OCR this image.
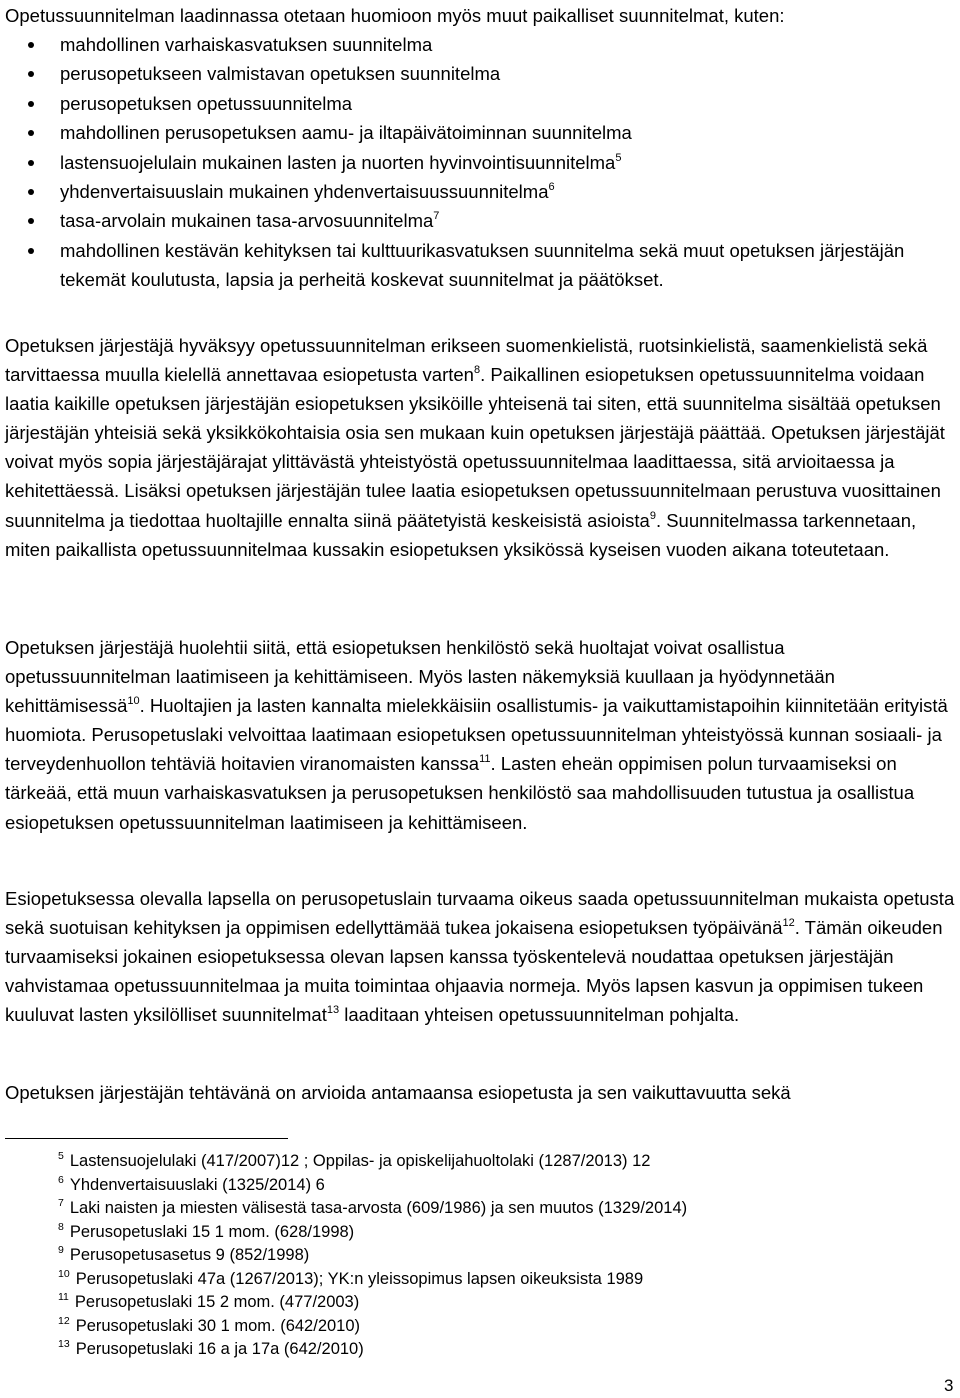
Opetussuunnitelman laadinnassa otetaan huomioon myös muut paikalliset suunnitelmat, kuten:

mahdollinen varhaiskasvatuksen suunnitelma
perusopetukseen valmistavan opetuksen suunnitelma
perusopetuksen opetussuunnitelma
mahdollinen perusopetuksen aamu- ja iltapäivätoiminnan suunnitelma
lastensuojelulain mukainen lasten ja nuorten hyvinvointisuunnitelma$^5$
yhdenvertaisuuslain mukainen yhdenvertaisuussuunnitelma$^6$
tasa-arvolain mukainen tasa-arvosuunnitelma$^7$
mahdollinen kestävän kehityksen tai kulttuurikasvatuksen suunnitelma sekä muut opetuksen järjestäjän tekemät koulutusta, lapsia ja perheitä koskevat suunnitelmat ja päätökset.

Opetuksen järjestäjä hyväksyy opetussuunnitelman erikseen suomenkielistä, ruotsinkielistä, saamenkielistä sekä tarvittaessa muulla kielellä annettavaa esiopetusta varten$^8$. Paikallinen esiopetuksen opetussuunnitelma voidaan laatia kaikille opetuksen järjestäjän esiopetuksen yksiköille yhteisenä tai siten, että suunnitelma sisältää opetuksen järjestäjän yhteisiä sekä yksikkökohtaisia osia sen mukaan kuin opetuksen järjestäjä päättää. Opetuksen järjestäjät voivat myös sopia järjestäjärajat ylittävästä yhteistyöstä opetussuunnitelmaa laadittaessa, sitä arvioitaessa ja kehitettäessä. Lisäksi opetuksen järjestäjän tulee laatia esiopetuksen opetussuunnitelmaan perustuva vuosittainen suunnitelma ja tiedottaa huoltajille ennalta siinä päätetyistä keskeisistä asioista$^9$. Suunnitelmassa tarkennetaan, miten paikallista opetussuunnitelmaa kussakin esiopetuksen yksikössä kyseisen vuoden aikana toteutetaan.

Opetuksen järjestäjä huolehtii siitä, että esiopetuksen henkilöstö sekä huoltajat voivat osallistua opetussuunnitelman laatimiseen ja kehittämiseen. Myös lasten näkemyksiä kuullaan ja hyödynnetään kehittämisessä$^{10}$. Huoltajien ja lasten kannalta mielekkäisiin osallistumis- ja vaikuttamistapoihin kiinnitetään erityistä huomiota. Perusopetuslaki velvoittaa laatimaan esiopetuksen opetussuunnitelman yhteistyössä kunnan sosiaali- ja terveydenhuollon tehtäviä hoitavien viranomaisten kanssa$^{11}$. Lasten eheän oppimisen polun turvaamiseksi on tärkeää, että muun varhaiskasvatuksen ja perusopetuksen henkilöstö saa mahdollisuuden tutustua ja osallistua esiopetuksen opetussuunnitelman laatimiseen ja kehittämiseen.

Esiopetuksessa olevalla lapsella on perusopetuslain turvaama oikeus saada opetussuunnitelman mukaista opetusta sekä suotuisan kehityksen ja oppimisen edellyttämää tukea jokaisena esiopetuksen työpäivänä$^{12}$. Tämän oikeuden turvaamiseksi jokainen esiopetuksessa olevan lapsen kanssa työskentelevä noudattaa opetuksen järjestäjän vahvistamaa opetussuunnitelmaa ja muita toimintaa ohjaavia normeja. Myös lapsen kasvun ja oppimisen tukeen kuuluvat lasten yksilölliset suunnitelmat$^{13}$ laaditaan yhteisen opetussuunnitelman pohjalta.

Opetuksen järjestäjän tehtävänä on arvioida antamaansa esiopetusta ja sen vaikuttavuutta sekä

$^5$ Lastensuojelulaki (417/2007)12 ; Oppilas- ja opiskelijahuoltolaki (1287/2013) 12
$^6$ Yhdenvertaisuuslaki (1325/2014) 6
$^7$ Laki naisten ja miesten välisestä tasa-arvosta (609/1986) ja sen muutos (1329/2014)
$^8$ Perusopetuslaki 15 1 mom. (628/1998)
$^9$ Perusopetusasetus 9 (852/1998)
$^{10}$ Perusopetuslaki 47a (1267/2013); YK:n yleissopimus lapsen oikeuksista 1989
$^{11}$ Perusopetuslaki 15 2 mom. (477/2003)
$^{12}$ Perusopetuslaki 30 1 mom. (642/2010)
$^{13}$ Perusopetuslaki 16 a ja 17a (642/2010)
3
